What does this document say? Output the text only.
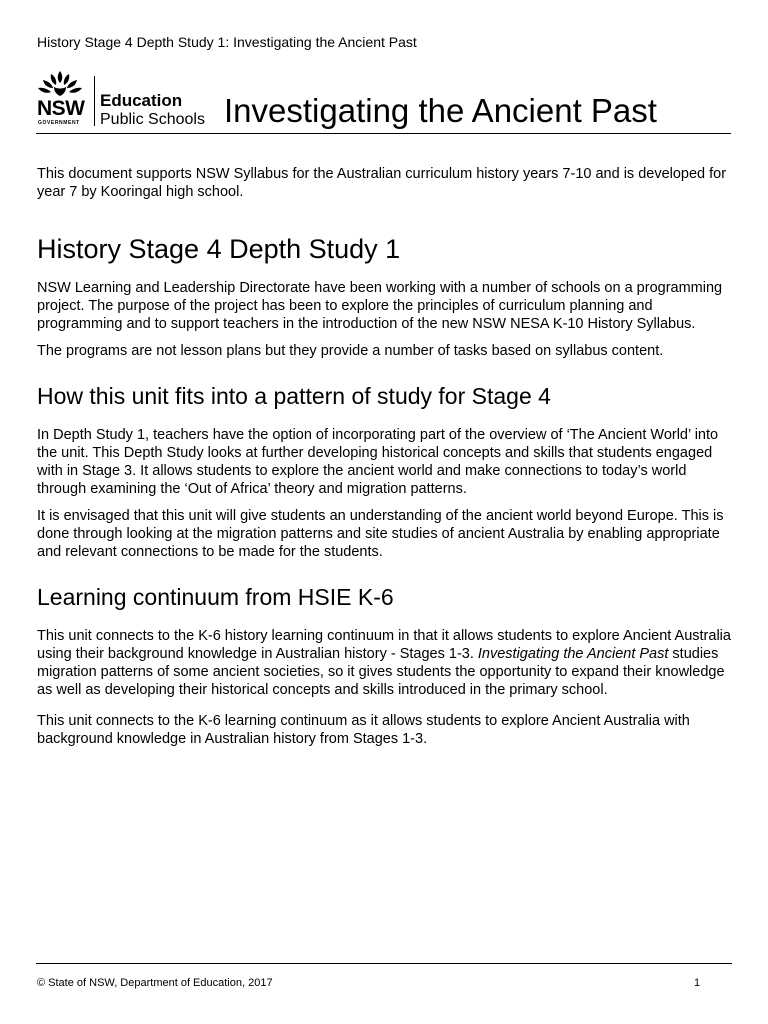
History Stage 4 Depth Study 1: Investigating the Ancient Past
NSW
GOVERNMENT
Education
Public Schools Investigating the Ancient Past

This document supports NSW Syllabus for the Australian curriculum history years 7-10 and is developed for year 7 by Kooringal high school.

History Stage 4 Depth Study 1

NSW Learning and Leadership Directorate have been working with a number of schools on a programming project. The purpose of the project has been to explore the principles of curriculum planning and programming and to support teachers in the introduction of the new NSW NESA K-10 History Syllabus.

The programs are not lesson plans but they provide a number of tasks based on syllabus content.

How this unit fits into a pattern of study for Stage 4

In Depth Study 1, teachers have the option of incorporating part of the overview of ‘The Ancient World’ into the unit. This Depth Study looks at further developing historical concepts and skills that students engaged with in Stage 3. It allows students to explore the ancient world and make connections to today’s world through examining the ‘Out of Africa’ theory and migration patterns.

It is envisaged that this unit will give students an understanding of the ancient world beyond Europe. This is done through looking at the migration patterns and site studies of ancient Australia by enabling appropriate and relevant connections to be made for the students.

Learning continuum from HSIE K-6

This unit connects to the K-6 history learning continuum in that it allows students to explore Ancient Australia using their background knowledge in Australian history - Stages 1-3. Investigating the Ancient Past studies migration patterns of some ancient societies, so it gives students the opportunity to expand their knowledge as well as developing their historical concepts and skills introduced in the primary school.

This unit connects to the K-6 learning continuum as it allows students to explore Ancient Australia with background knowledge in Australian history from Stages 1-3.

© State of NSW, Department of Education, 2017	1
